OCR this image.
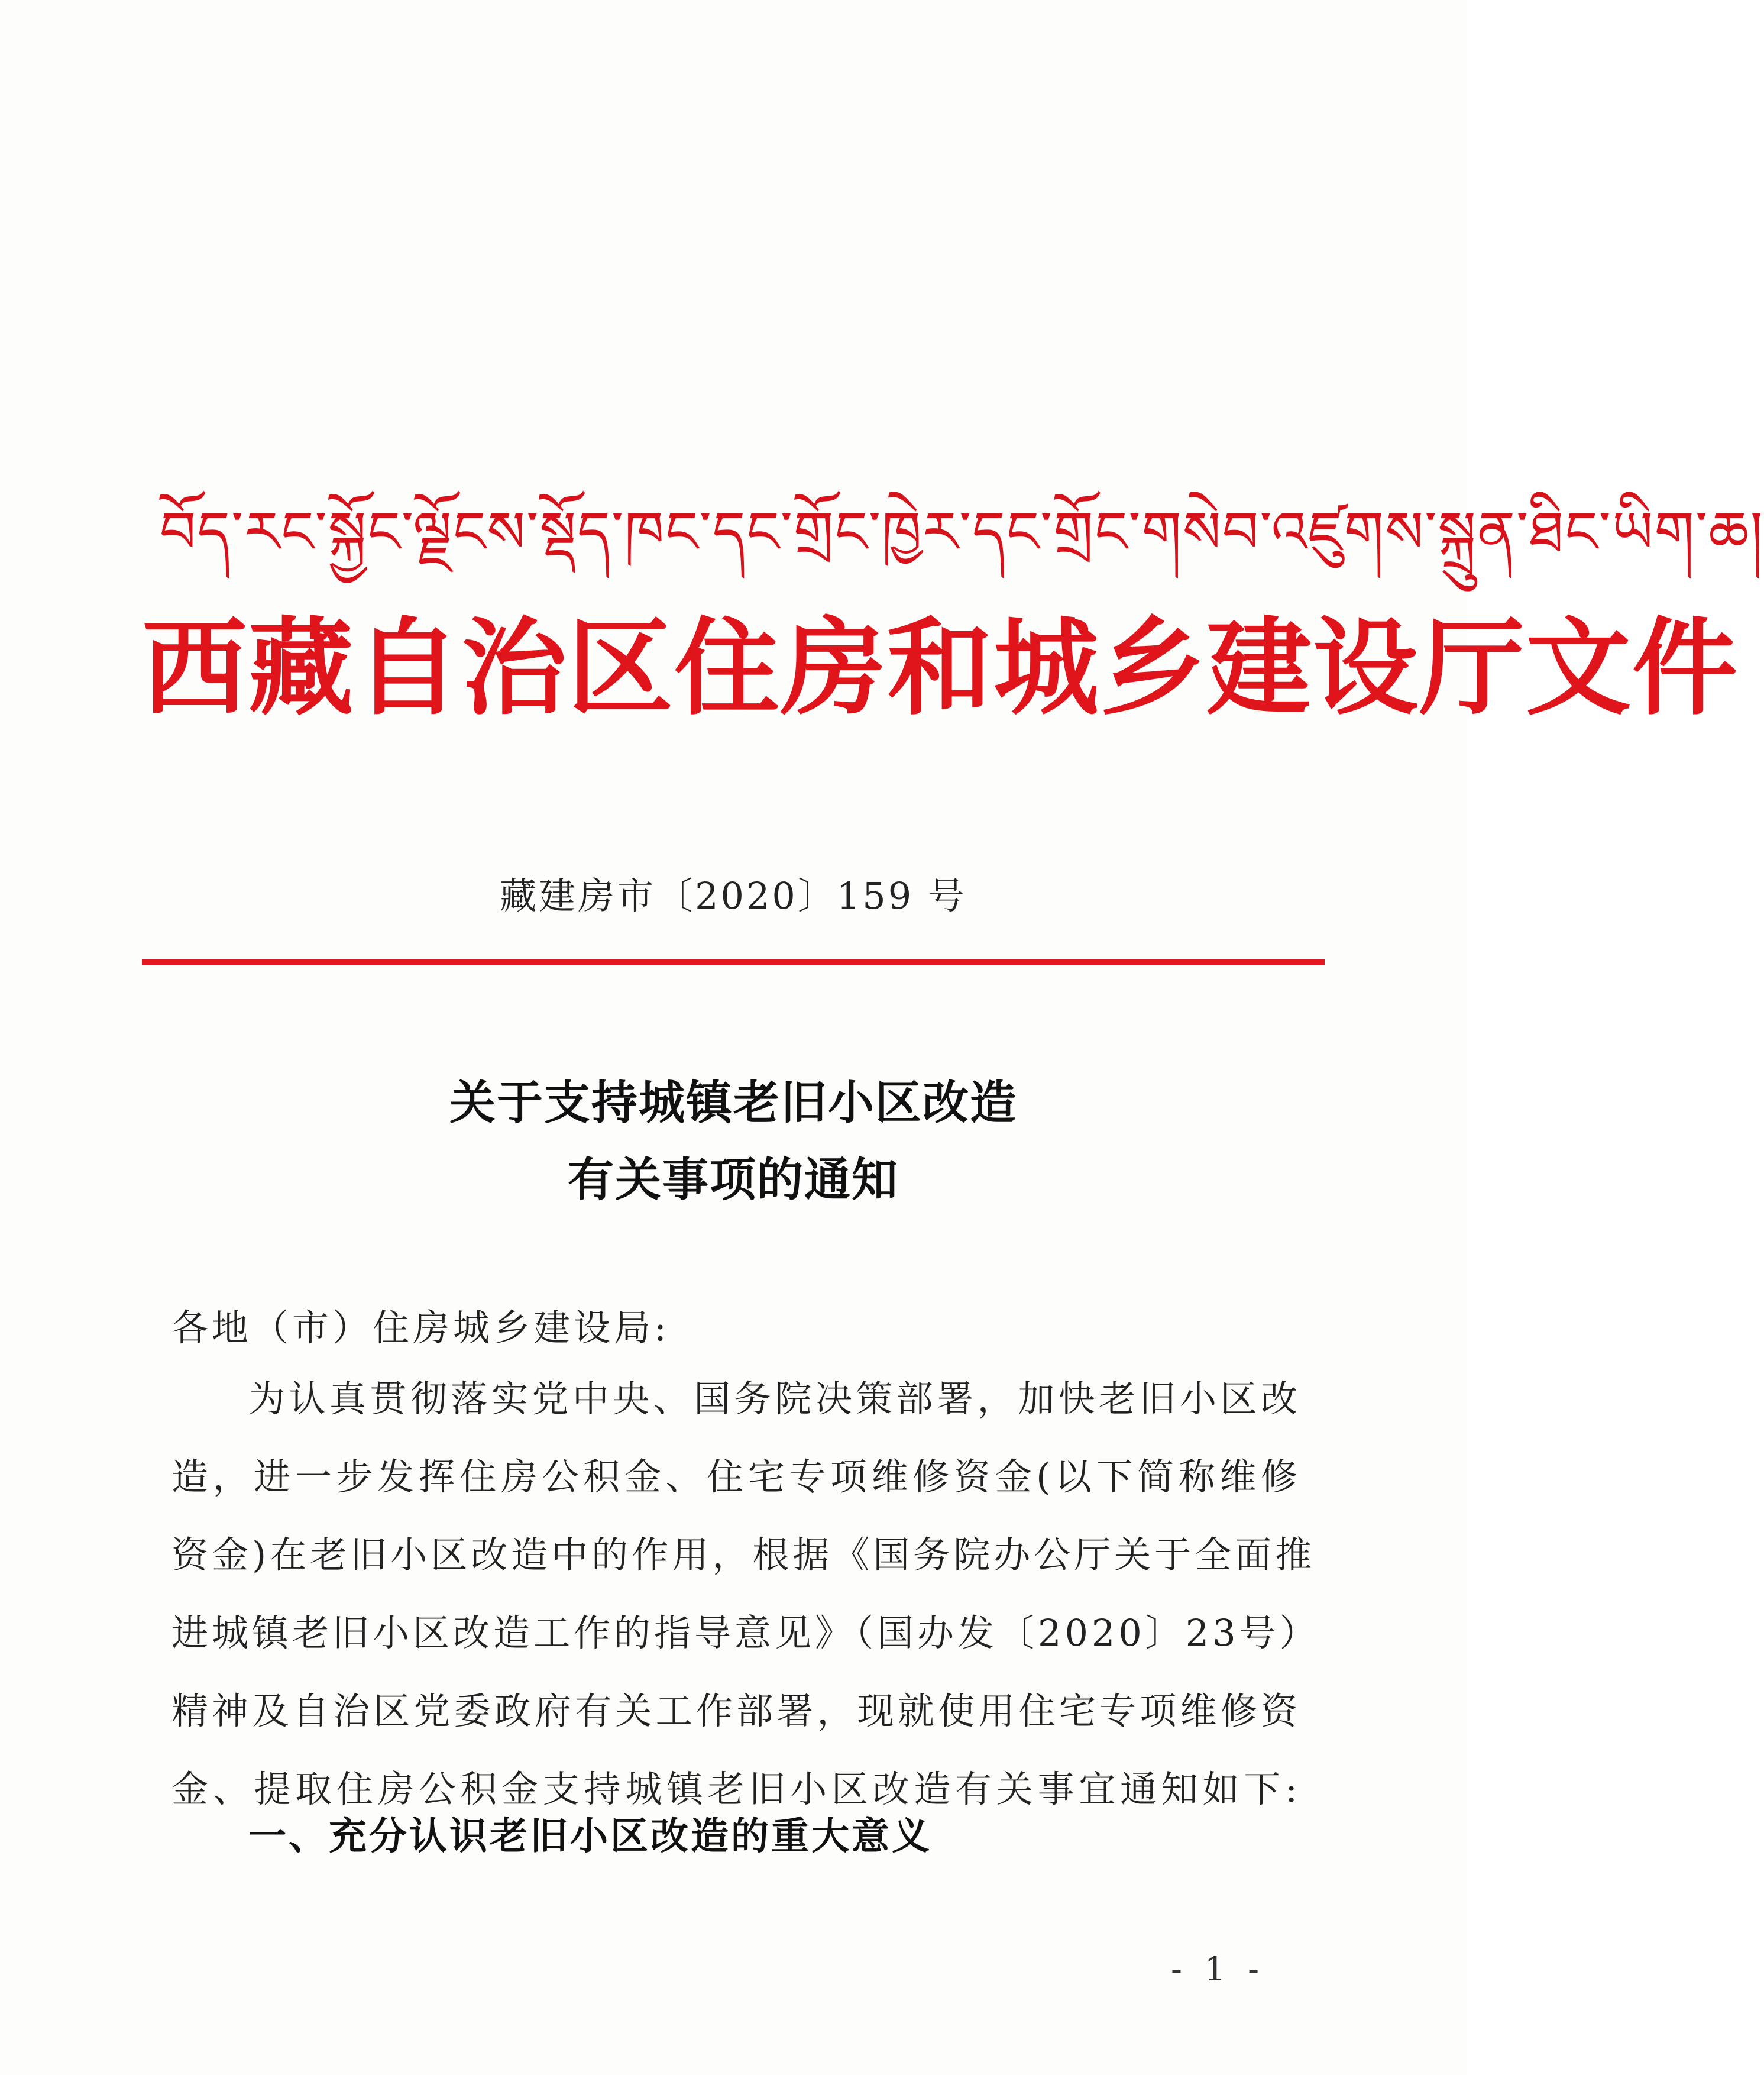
བོད་རང་སྐྱོང་ལྗོངས་སྡོད་ཁང་དང་གྲོང་ཁྱེར་དང་གྲོང་གསེབ་འཛུགས་སྐྲུན་ཐིང་ཡིག་ཆ།
西藏自治区住房和城乡建设厅文件
藏建房市〔2020〕159 号
关于支持城镇老旧小区改造
有关事项的通知
各地（市）住房城乡建设局:
为认真贯彻落实党中央、国务院决策部署，加快老旧小区改
造，进一步发挥住房公积金、住宅专项维修资金(以下简称维修
资金)在老旧小区改造中的作用，根据《国务院办公厅关于全面推
进城镇老旧小区改造工作的指导意见》（国办发〔2020〕23号）
精神及自治区党委政府有关工作部署，现就使用住宅专项维修资
金、提取住房公积金支持城镇老旧小区改造有关事宜通知如下:
一、充分认识老旧小区改造的重大意义
- 1 -
